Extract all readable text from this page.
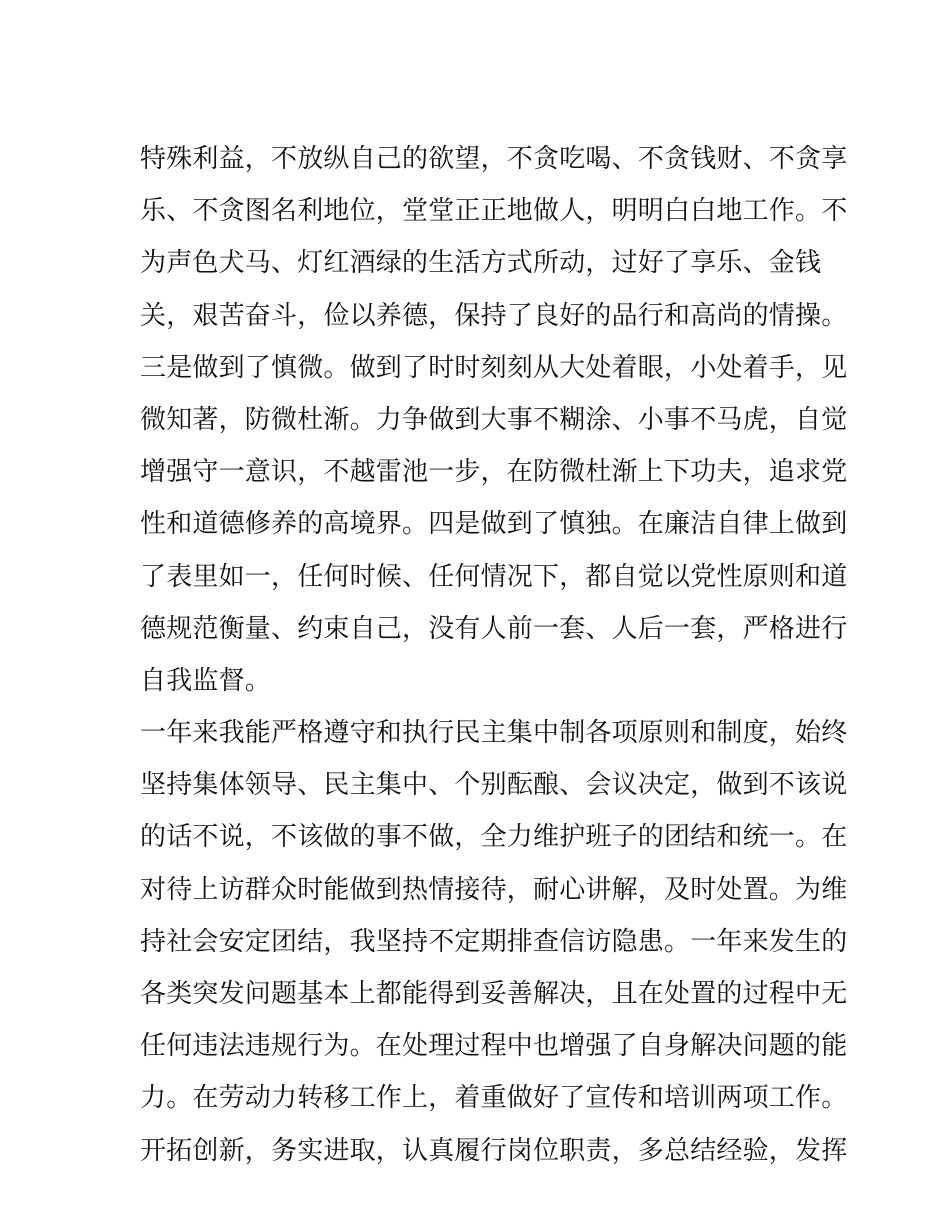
特殊利益，不放纵自己的欲望，不贪吃喝、不贪钱财、不贪享
乐、不贪图名利地位，堂堂正正地做人，明明白白地工作。不
为声色犬马、灯红酒绿的生活方式所动，过好了享乐、金钱
关，艰苦奋斗，俭以养德，保持了良好的品行和高尚的情操。
三是做到了慎微。做到了时时刻刻从大处着眼，小处着手，见
微知著，防微杜渐。力争做到大事不糊涂、小事不马虎，自觉
增强守一意识，不越雷池一步，在防微杜渐上下功夫，追求党
性和道德修养的高境界。四是做到了慎独。在廉洁自律上做到
了表里如一，任何时候、任何情况下，都自觉以党性原则和道
德规范衡量、约束自己，没有人前一套、人后一套，严格进行
自我监督。
一年来我能严格遵守和执行民主集中制各项原则和制度，始终
坚持集体领导、民主集中、个别酝酿、会议决定，做到不该说
的话不说，不该做的事不做，全力维护班子的团结和统一。在
对待上访群众时能做到热情接待，耐心讲解，及时处置。为维
持社会安定团结，我坚持不定期排查信访隐患。一年来发生的
各类突发问题基本上都能得到妥善解决，且在处置的过程中无
任何违法违规行为。在处理过程中也增强了自身解决问题的能
力。在劳动力转移工作上，着重做好了宣传和培训两项工作。
开拓创新，务实进取，认真履行岗位职责，多总结经验，发挥
